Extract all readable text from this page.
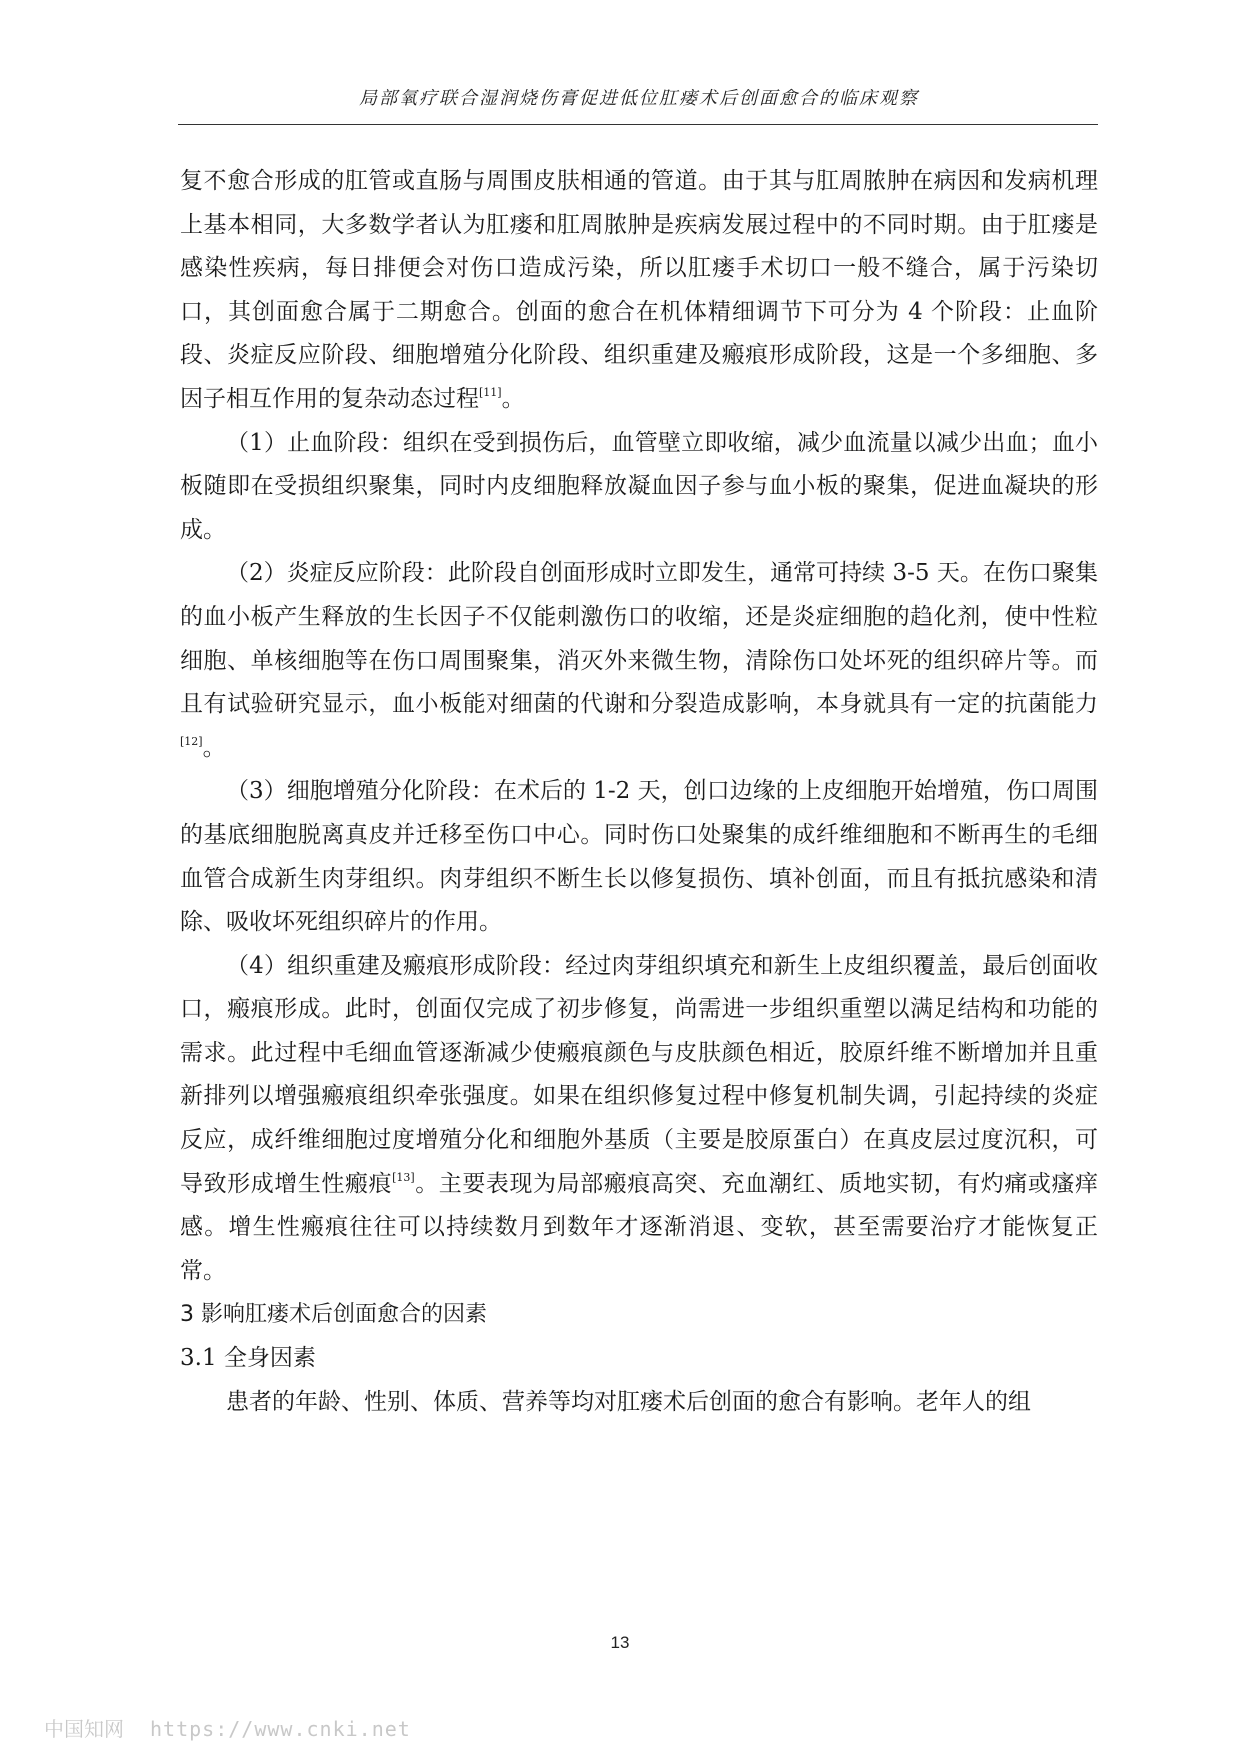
局部氧疗联合湿润烧伤膏促进低位肛瘘术后创面愈合的临床观察

复不愈合形成的肛管或直肠与周围皮肤相通的管道。由于其与肛周脓肿在病因和发病机理上基本相同，大多数学者认为肛瘘和肛周脓肿是疾病发展过程中的不同时期。由于肛瘘是感染性疾病，每日排便会对伤口造成污染，所以肛瘘手术切口一般不缝合，属于污染切口，其创面愈合属于二期愈合。创面的愈合在机体精细调节下可分为 4 个阶段：止血阶段、炎症反应阶段、细胞增殖分化阶段、组织重建及瘢痕形成阶段，这是一个多细胞、多因子相互作用的复杂动态过程[11]。

（1）止血阶段：组织在受到损伤后，血管壁立即收缩，减少血流量以减少出血；血小板随即在受损组织聚集，同时内皮细胞释放凝血因子参与血小板的聚集，促进血凝块的形成。

（2）炎症反应阶段：此阶段自创面形成时立即发生，通常可持续 3-5 天。在伤口聚集的血小板产生释放的生长因子不仅能刺激伤口的收缩，还是炎症细胞的趋化剂，使中性粒细胞、单核细胞等在伤口周围聚集，消灭外来微生物，清除伤口处坏死的组织碎片等。而且有试验研究显示，血小板能对细菌的代谢和分裂造成影响，本身就具有一定的抗菌能力[12]。

（3）细胞增殖分化阶段：在术后的 1-2 天，创口边缘的上皮细胞开始增殖，伤口周围的基底细胞脱离真皮并迁移至伤口中心。同时伤口处聚集的成纤维细胞和不断再生的毛细血管合成新生肉芽组织。肉芽组织不断生长以修复损伤、填补创面，而且有抵抗感染和清除、吸收坏死组织碎片的作用。

（4）组织重建及瘢痕形成阶段：经过肉芽组织填充和新生上皮组织覆盖，最后创面收口，瘢痕形成。此时，创面仅完成了初步修复，尚需进一步组织重塑以满足结构和功能的需求。此过程中毛细血管逐渐减少使瘢痕颜色与皮肤颜色相近，胶原纤维不断增加并且重新排列以增强瘢痕组织牵张强度。如果在组织修复过程中修复机制失调，引起持续的炎症反应，成纤维细胞过度增殖分化和细胞外基质（主要是胶原蛋白）在真皮层过度沉积，可导致形成增生性瘢痕[13]。主要表现为局部瘢痕高突、充血潮红、质地实韧，有灼痛或瘙痒感。增生性瘢痕往往可以持续数月到数年才逐渐消退、变软，甚至需要治疗才能恢复正常。

3 影响肛瘘术后创面愈合的因素

3.1 全身因素

患者的年龄、性别、体质、营养等均对肛瘘术后创面的愈合有影响。老年人的组

13
中国知网 https://www.cnki.net
